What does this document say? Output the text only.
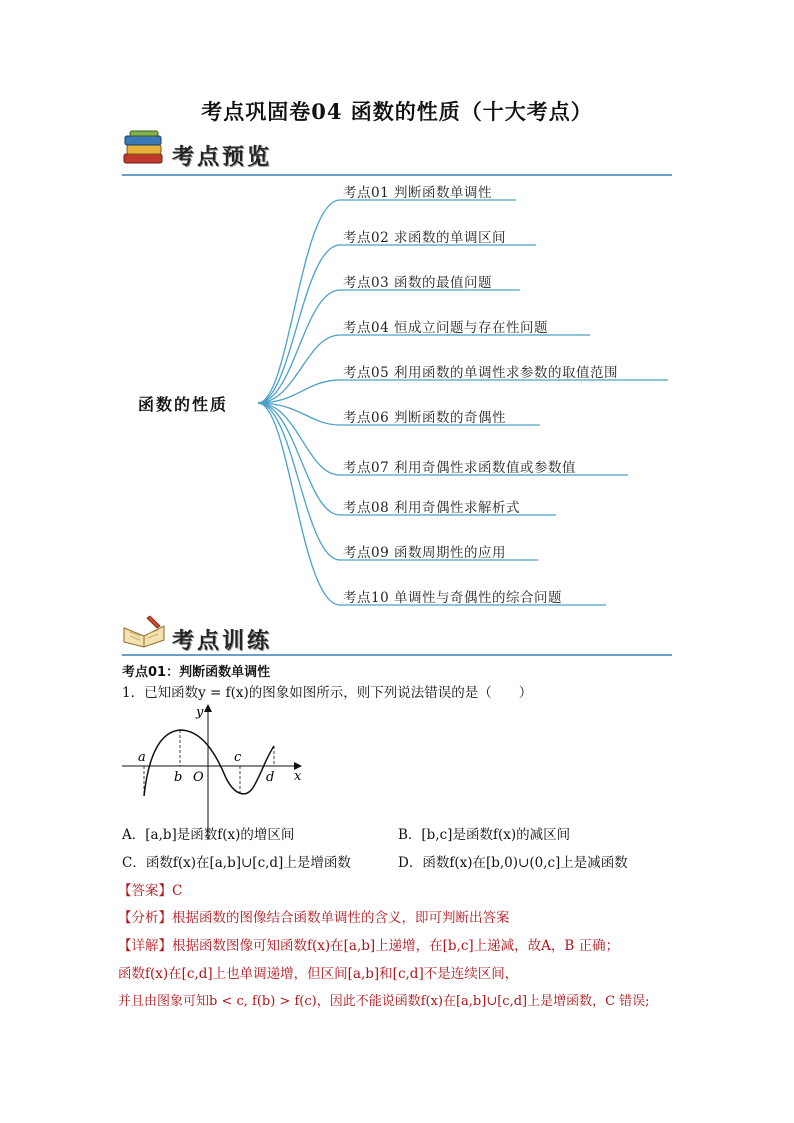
考点巩固卷04 函数的性质（十大考点）
考点预览
函数的性质
考点01 判断函数单调性
考点02 求函数的单调区间
考点03 函数的最值问题
考点04 恒成立问题与存在性问题
考点05 利用函数的单调性求参数的取值范围
考点06 判断函数的奇偶性
考点07 利用奇偶性求函数值或参数值
考点08 利用奇偶性求解析式
考点09 函数周期性的应用
考点10 单调性与奇偶性的综合问题
考点训练
考点01：判断函数单调性
1．已知函数y = f(x)的图象如图所示，则下列说法错误的是（　　）
y
x
a
b O
c
d
A．[a,b]是函数f(x)的增区间	B．[b,c]是函数f(x)的减区间
C．函数f(x)在[a,b]∪[c,d]上是增函数	D．函数f(x)在[b,0)∪(0,c]上是减函数
【答案】C
【分析】根据函数的图像结合函数单调性的含义，即可判断出答案
【详解】根据函数图像可知函数f(x)在[a,b]上递增，在[b,c]上递减，故A，B 正确；
函数f(x)在[c,d]上也单调递增，但区间[a,b]和[c,d]不是连续区间，
并且由图象可知b < c, f(b) > f(c)，因此不能说函数f(x)在[a,b]∪[c,d]上是增函数，C 错误;
